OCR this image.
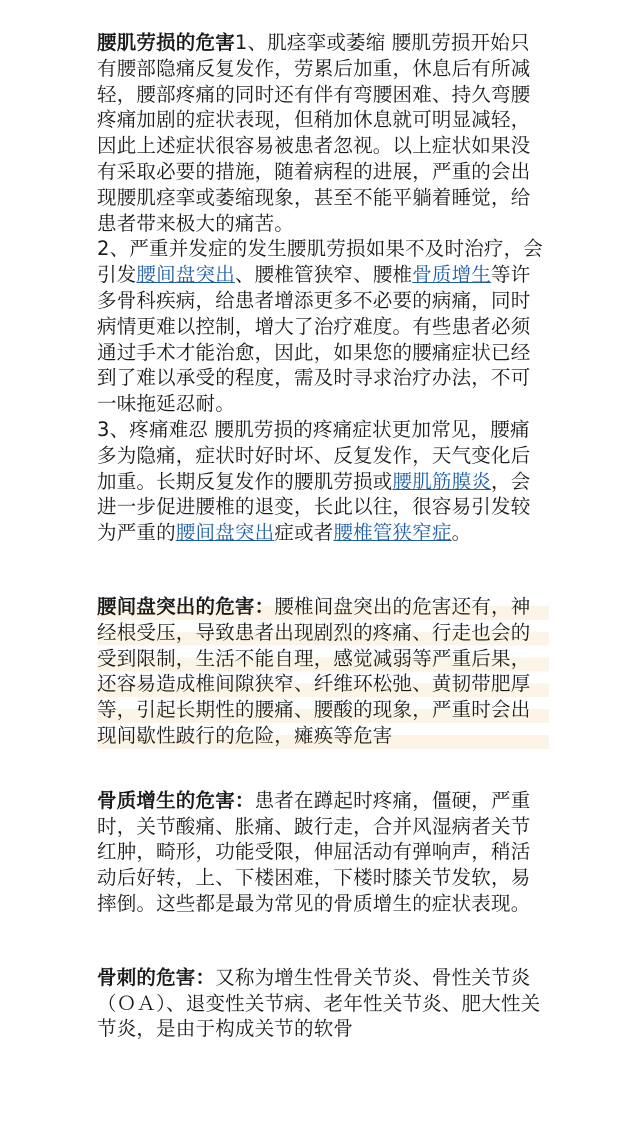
腰肌劳损的危害1、肌痉挛或萎缩 腰肌劳损开始只有腰部隐痛反复发作，劳累后加重，休息后有所减轻，腰部疼痛的同时还有伴有弯腰困难、持久弯腰疼痛加剧的症状表现，但稍加休息就可明显减轻，因此上述症状很容易被患者忽视。以上症状如果没有采取必要的措施，随着病程的进展，严重的会出现腰肌痉挛或萎缩现象，甚至不能平躺着睡觉，给患者带来极大的痛苦。

2、严重并发症的发生腰肌劳损如果不及时治疗，会引发腰间盘突出、腰椎管狭窄、腰椎骨质增生等许多骨科疾病，给患者增添更多不必要的病痛，同时病情更难以控制，增大了治疗难度。有些患者必须通过手术才能治愈，因此，如果您的腰痛症状已经到了难以承受的程度，需及时寻求治疗办法，不可一味拖延忍耐。

3、疼痛难忍 腰肌劳损的疼痛症状更加常见，腰痛多为隐痛，症状时好时坏、反复发作，天气变化后加重。长期反复发作的腰肌劳损或腰肌筋膜炎，会进一步促进腰椎的退变，长此以往，很容易引发较为严重的腰间盘突出症或者腰椎管狭窄症。

腰间盘突出的危害：腰椎间盘突出的危害还有，神经根受压，导致患者出现剧烈的疼痛、行走也会的受到限制，生活不能自理，感觉减弱等严重后果，还容易造成椎间隙狭窄、纤维环松弛、黄韧带肥厚等，引起长期性的腰痛、腰酸的现象，严重时会出现间歇性跛行的危险，瘫痪等危害

骨质增生的危害：患者在蹲起时疼痛，僵硬，严重时，关节酸痛、胀痛、跛行走，合并风湿病者关节红肿，畸形，功能受限，伸屈活动有弹响声，稍活动后好转，上、下楼困难，下楼时膝关节发软，易摔倒。这些都是最为常见的骨质增生的症状表现。

骨刺的危害：又称为增生性骨关节炎、骨性关节炎（ＯＡ）、退变性关节病、老年性关节炎、肥大性关节炎，是由于构成关节的软骨
